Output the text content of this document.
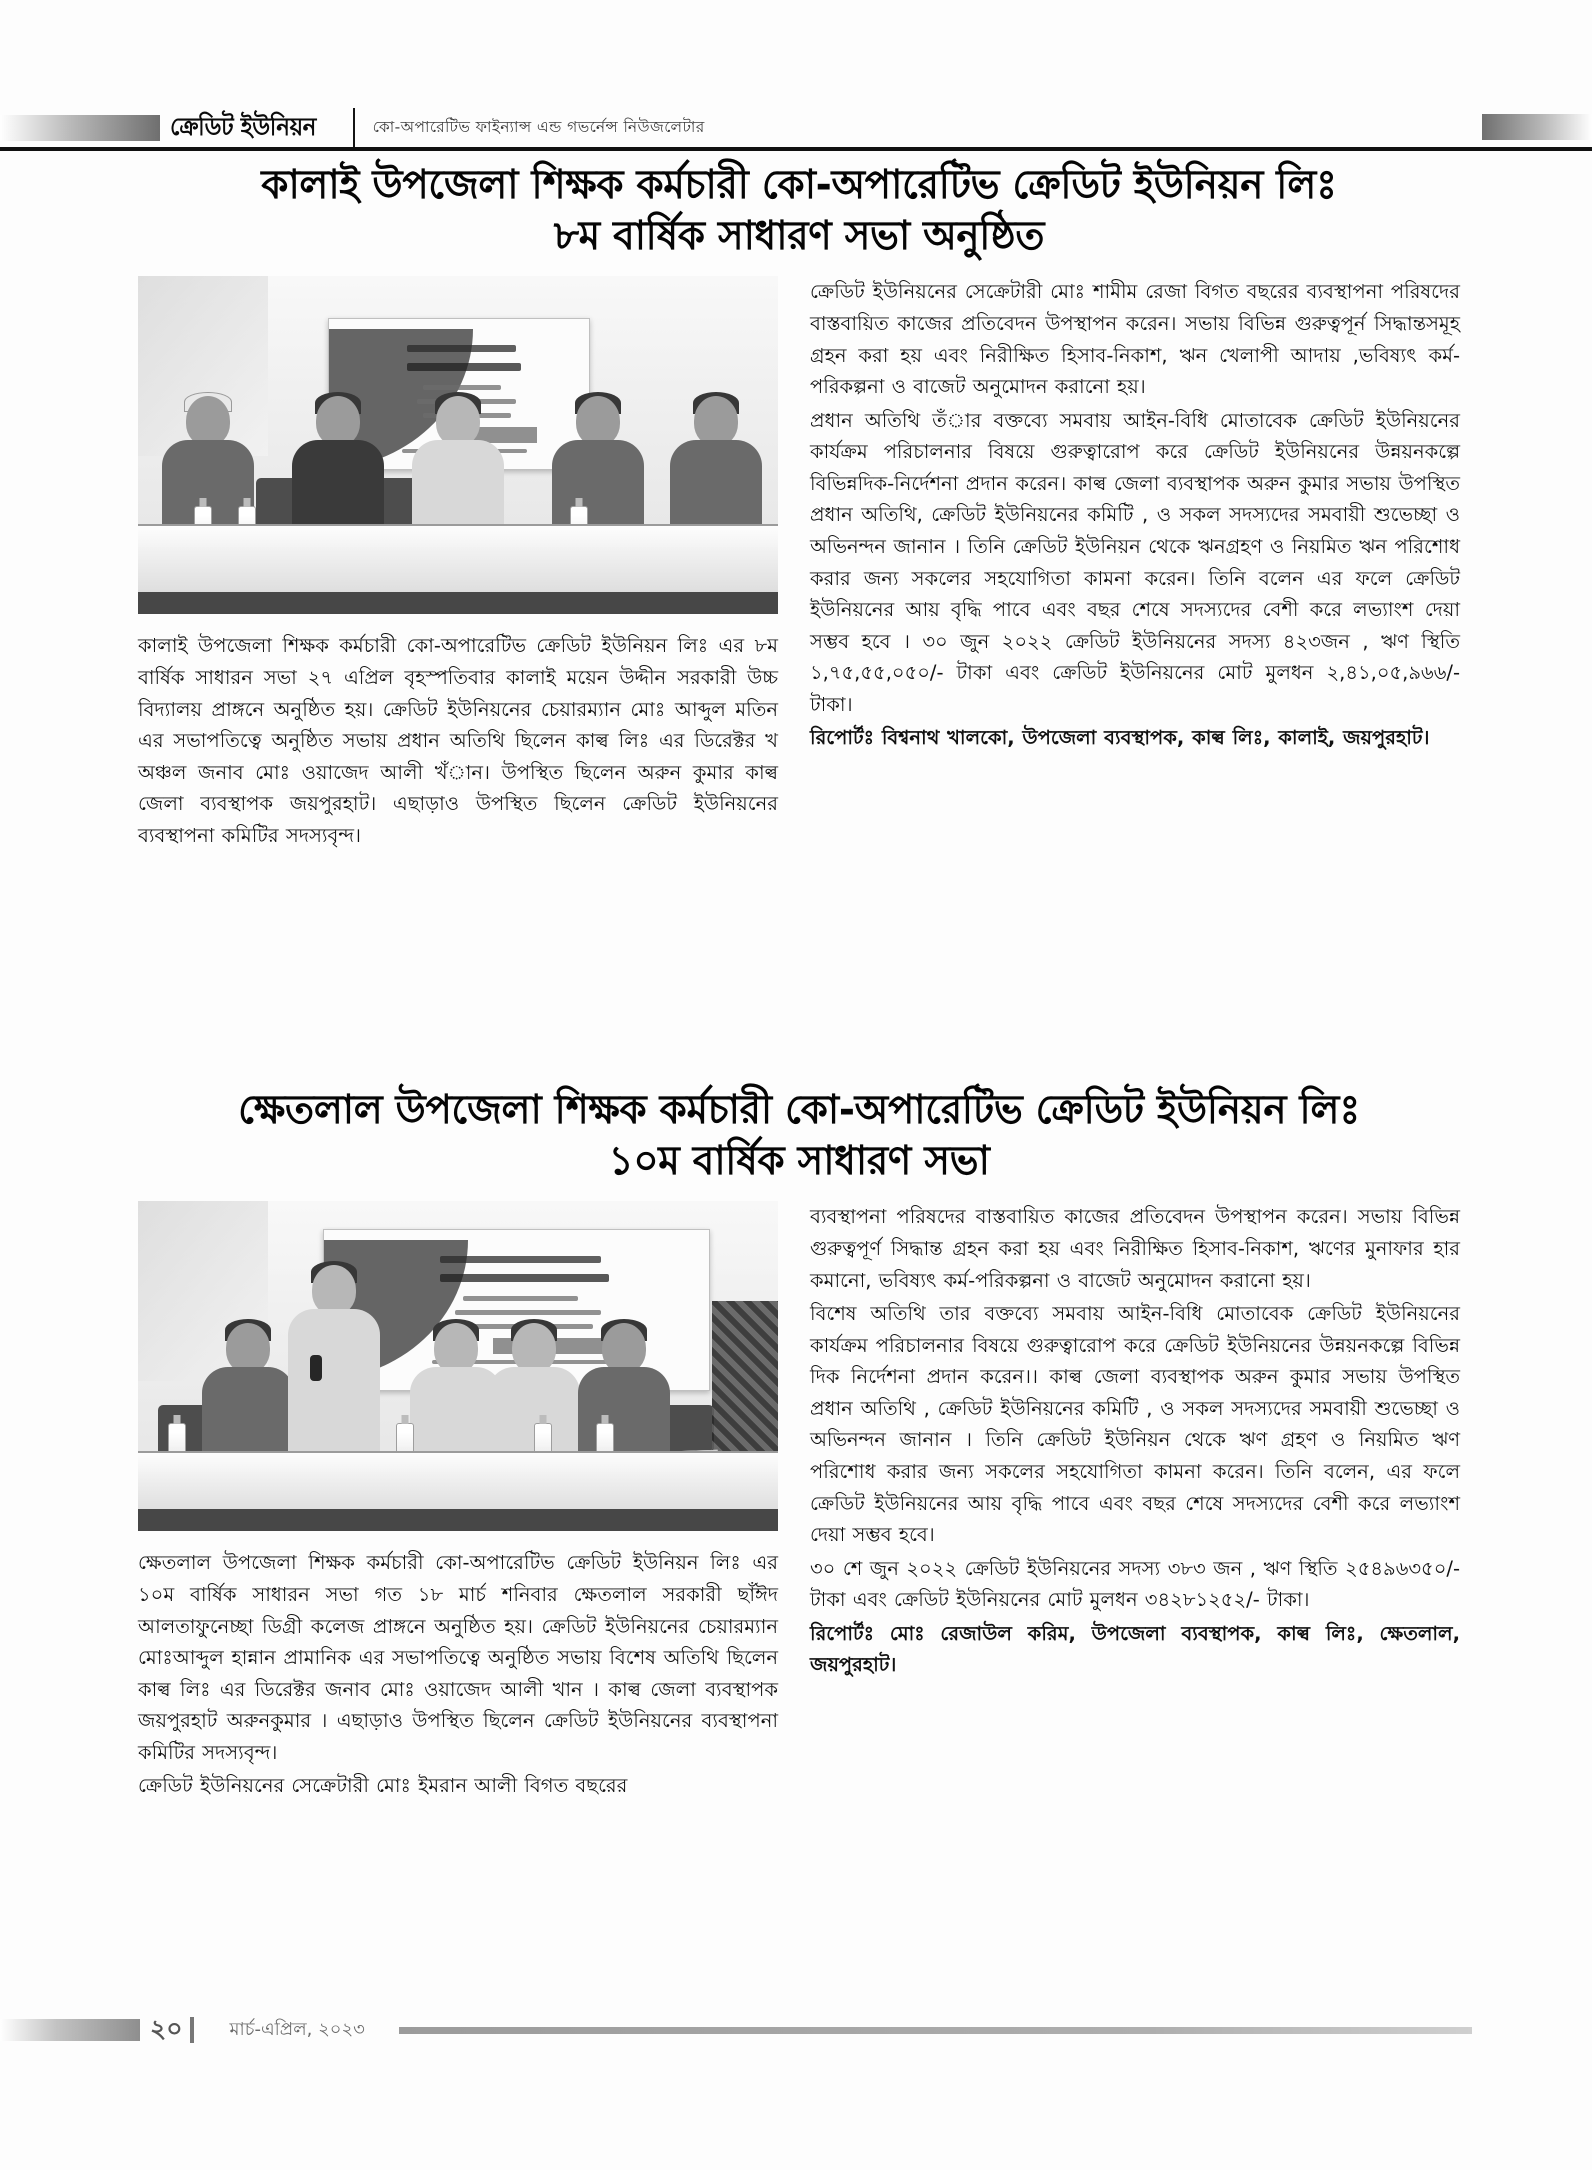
ক্রেডিট ইউনিয়ন	কো-অপারেটিভ ফাইন্যান্স এন্ড গভর্নেন্স নিউজলেটার
কালাই উপজেলা শিক্ষক কর্মচারী কো-অপারেটিভ ক্রেডিট ইউনিয়ন লিঃ
৮ম বার্ষিক সাধারণ সভা অনুষ্ঠিত

কালাই উপজেলা শিক্ষক কর্মচারী কো-অপারেটিভ ক্রেডিট ইউনিয়ন লিঃ এর ৮ম বার্ষিক সাধারন সভা ২৭ এপ্রিল বৃহস্পতিবার কালাই ময়েন উদ্দীন সরকারী উচ্চ বিদ্যালয় প্রাঙ্গনে অনুষ্ঠিত হয়। ক্রেডিট ইউনিয়নের চেয়ারম্যান মোঃ আব্দুল মতিন এর সভাপতিত্বে অনুষ্ঠিত সভায় প্রধান অতিথি ছিলেন কাল্ব লিঃ এর ডিরেক্টর খ অঞ্চল জনাব মোঃ ওয়াজেদ আলী খঁান। উপস্থিত ছিলেন অরুন কুমার কাল্ব জেলা ব্যবস্থাপক জয়পুরহাট। এছাড়াও উপস্থিত ছিলেন ক্রেডিট ইউনিয়নের ব্যবস্থাপনা কমিটির সদস্যবৃন্দ।

ক্রেডিট ইউনিয়নের সেক্রেটারী মোঃ শামীম রেজা বিগত বছরের ব্যবস্থাপনা পরিষদের বাস্তবায়িত কাজের প্রতিবেদন উপস্থাপন করেন। সভায় বিভিন্ন গুরুত্বপূর্ন সিদ্ধান্তসমূহ গ্রহন করা হয় এবং নিরীক্ষিত হিসাব-নিকাশ, ঋন খেলাপী আদায় ,ভবিষ্যৎ কর্ম-পরিকল্পনা ও বাজেট অনুমোদন করানো হয়।

প্রধান অতিথি তঁার বক্তব্যে সমবায় আইন-বিধি মোতাবেক ক্রেডিট ইউনিয়নের কার্যক্রম পরিচালনার বিষয়ে গুরুত্বারোপ করে ক্রেডিট ইউনিয়নের উন্নয়নকল্পে বিভিন্নদিক-নির্দেশনা প্রদান করেন। কাল্ব জেলা ব্যবস্থাপক অরুন কুমার সভায় উপস্থিত প্রধান অতিথি, ক্রেডিট ইউনিয়নের কমিটি , ও সকল সদস্যদের সমবায়ী শুভেচ্ছা ও অভিনন্দন জানান । তিনি ক্রেডিট ইউনিয়ন থেকে ঋনগ্রহণ ও নিয়মিত ঋন পরিশোধ করার জন্য সকলের সহযোগিতা কামনা করেন। তিনি বলেন এর ফলে ক্রেডিট ইউনিয়নের আয় বৃদ্ধি পাবে এবং বছর শেষে সদস্যদের বেশী করে লভ্যাংশ দেয়া সম্ভব হবে । ৩০ জুন ২০২২ ক্রেডিট ইউনিয়নের সদস্য ৪২৩জন , ঋণ স্থিতি ১,৭৫,৫৫,০৫০/- টাকা এবং ক্রেডিট ইউনিয়নের মোট মুলধন ২,৪১,০৫,৯৬৬/- টাকা।

রিপোর্টঃ বিশ্বনাথ খালকো, উপজেলা ব্যবস্থাপক, কাল্ব লিঃ, কালাই, জয়পুরহাট।

ক্ষেতলাল উপজেলা শিক্ষক কর্মচারী কো-অপারেটিভ ক্রেডিট ইউনিয়ন লিঃ
১০ম বার্ষিক সাধারণ সভা

ক্ষেতলাল উপজেলা শিক্ষক কর্মচারী কো-অপারেটিভ ক্রেডিট ইউনিয়ন লিঃ এর ১০ম বার্ষিক সাধারন সভা গত ১৮ মার্চ শনিবার ক্ষেতলাল সরকারী ছাঁঈদ আলতাফুনেচ্ছা ডিগ্রী কলেজ প্রাঙ্গনে অনুষ্ঠিত হয়। ক্রেডিট ইউনিয়নের চেয়ারম্যান মোঃআব্দুল হান্নান প্রামানিক এর সভাপতিত্বে অনুষ্ঠিত সভায় বিশেষ অতিথি ছিলেন কাল্ব লিঃ এর ডিরেক্টর জনাব মোঃ ওয়াজেদ আলী খান । কাল্ব জেলা ব্যবস্থাপক জয়পুরহাট অরুনকুমার । এছাড়াও উপস্থিত ছিলেন ক্রেডিট ইউনিয়নের ব্যবস্থাপনা কমিটির সদস্যবৃন্দ।

ক্রেডিট ইউনিয়নের সেক্রেটারী মোঃ ইমরান আলী বিগত বছরের

ব্যবস্থাপনা পরিষদের বাস্তবায়িত কাজের প্রতিবেদন উপস্থাপন করেন। সভায় বিভিন্ন গুরুত্বপূর্ণ সিদ্ধান্ত গ্রহন করা হয় এবং নিরীক্ষিত হিসাব-নিকাশ, ঋণের মুনাফার হার কমানো, ভবিষ্যৎ কর্ম-পরিকল্পনা ও বাজেট অনুমোদন করানো হয়।

বিশেষ অতিথি তার বক্তব্যে সমবায় আইন-বিধি মোতাবেক ক্রেডিট ইউনিয়নের কার্যক্রম পরিচালনার বিষয়ে গুরুত্বারোপ করে ক্রেডিট ইউনিয়নের উন্নয়নকল্পে বিভিন্ন দিক নির্দেশনা প্রদান করেন।। কাল্ব জেলা ব্যবস্থাপক অরুন কুমার সভায় উপস্থিত প্রধান অতিথি , ক্রেডিট ইউনিয়নের কমিটি , ও সকল সদস্যদের সমবায়ী শুভেচ্ছা ও অভিনন্দন জানান । তিনি ক্রেডিট ইউনিয়ন থেকে ঋণ গ্রহণ ও নিয়মিত ঋণ পরিশোধ করার জন্য সকলের সহযোগিতা কামনা করেন। তিনি বলেন, এর ফলে ক্রেডিট ইউনিয়নের আয় বৃদ্ধি পাবে এবং বছর শেষে সদস্যদের বেশী করে লভ্যাংশ দেয়া সম্ভব হবে।

৩০ শে জুন ২০২২ ক্রেডিট ইউনিয়নের সদস্য ৩৮৩ জন , ঋণ স্থিতি ২৫৪৯৬৩৫০/-টাকা এবং ক্রেডিট ইউনিয়নের মোট মুলধন ৩৪২৮১২৫২/- টাকা।

রিপোর্টঃ মোঃ রেজাউল করিম, উপজেলা ব্যবস্থাপক, কাল্ব লিঃ, ক্ষেতলাল, জয়পুরহাট।

২০	মার্চ-এপ্রিল, ২০২৩
